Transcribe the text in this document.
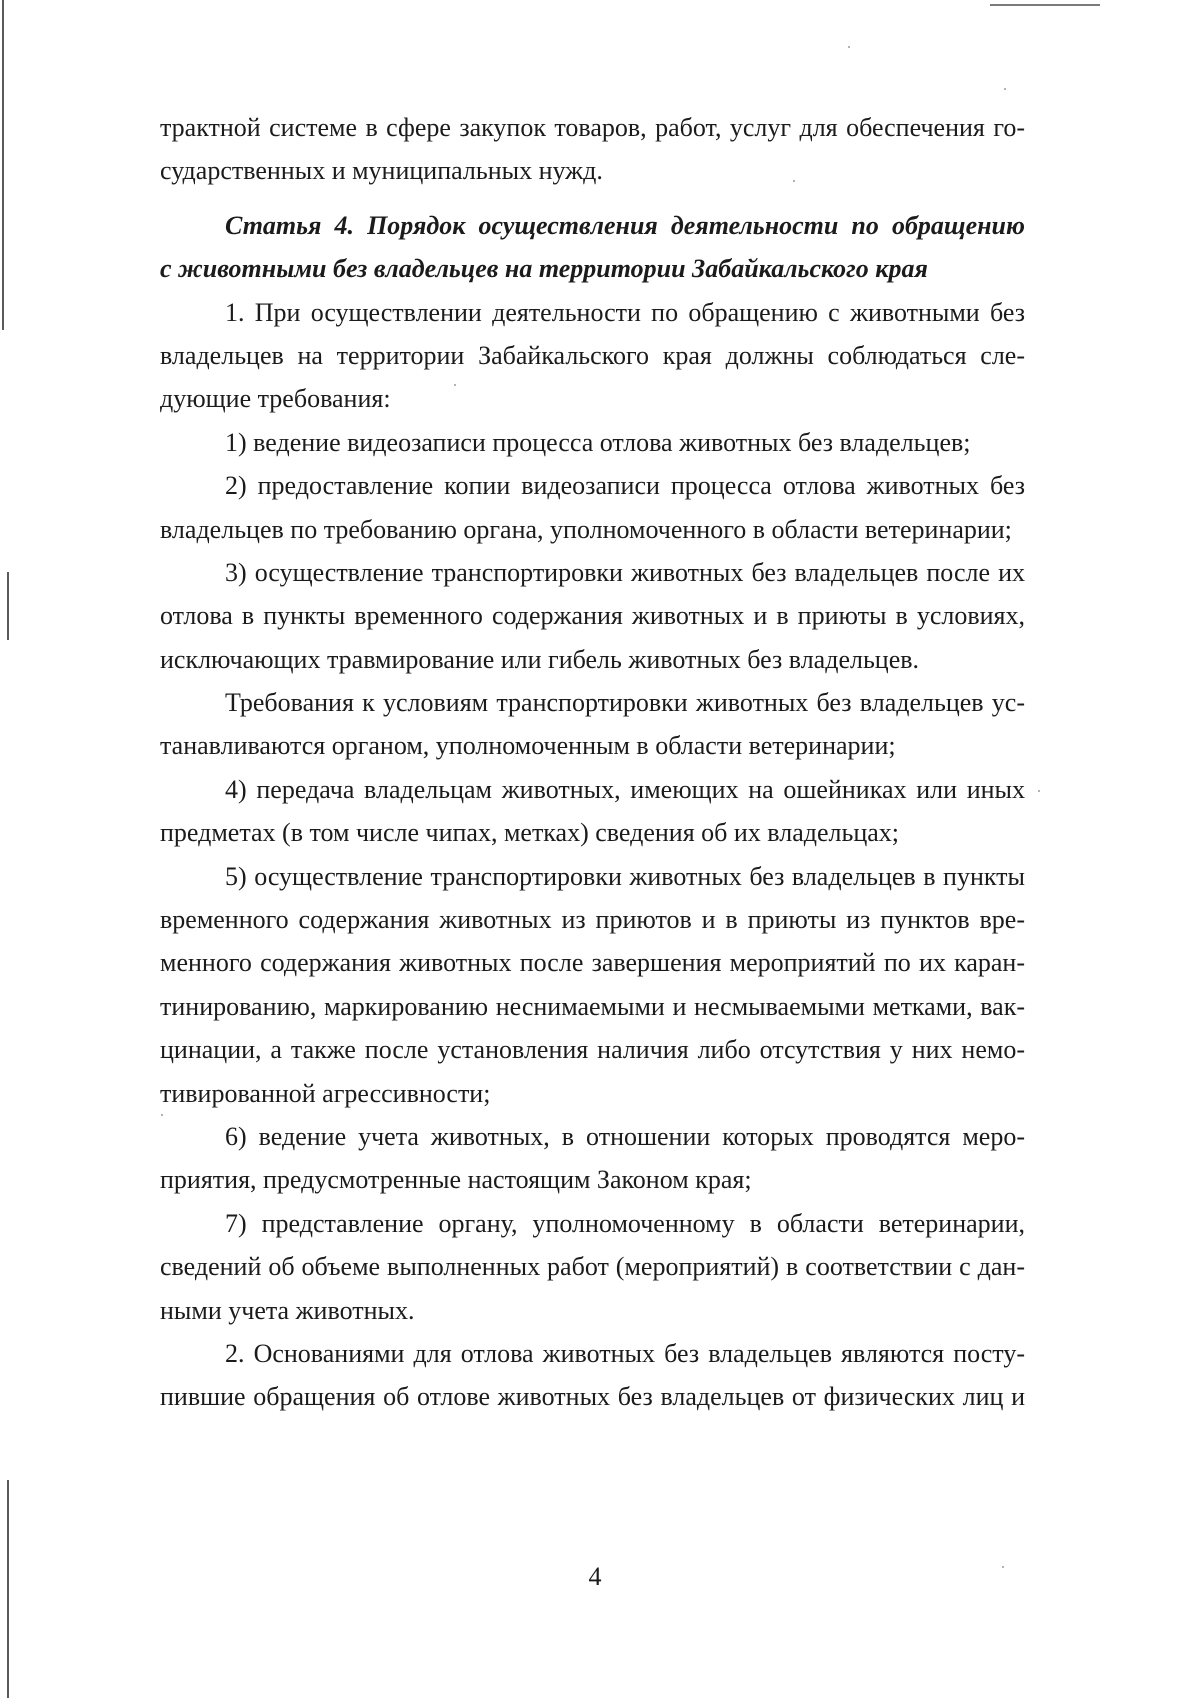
трактной системе в сфере закупок товаров, работ, услуг для обеспечения го-
сударственных и муниципальных нужд.
Статья 4. Порядок осуществления деятельности по обращению
с животными без владельцев на территории Забайкальского края
1. При осуществлении деятельности по обращению с животными без
владельцев на территории Забайкальского края должны соблюдаться сле-
дующие требования:
1) ведение видеозаписи процесса отлова животных без владельцев;
2) предоставление копии видеозаписи процесса отлова животных без
владельцев по требованию органа, уполномоченного в области ветеринарии;
3) осуществление транспортировки животных без владельцев после их
отлова в пункты временного содержания животных и в приюты в условиях,
исключающих травмирование или гибель животных без владельцев.
Требования к условиям транспортировки животных без владельцев ус-
танавливаются органом, уполномоченным в области ветеринарии;
4) передача владельцам животных, имеющих на ошейниках или иных
предметах (в том числе чипах, метках) сведения об их владельцах;
5) осуществление транспортировки животных без владельцев в пункты
временного содержания животных из приютов и в приюты из пунктов вре-
менного содержания животных после завершения мероприятий по их каран-
тинированию, маркированию неснимаемыми и несмываемыми метками, вак-
цинации, а также после установления наличия либо отсутствия у них немо-
тивированной агрессивности;
6) ведение учета животных, в отношении которых проводятся меро-
приятия, предусмотренные настоящим Законом края;
7) представление органу, уполномоченному в области ветеринарии,
сведений об объеме выполненных работ (мероприятий) в соответствии с дан-
ными учета животных.
2. Основаниями для отлова животных без владельцев являются посту-
пившие обращения об отлове животных без владельцев от физических лиц и
4
